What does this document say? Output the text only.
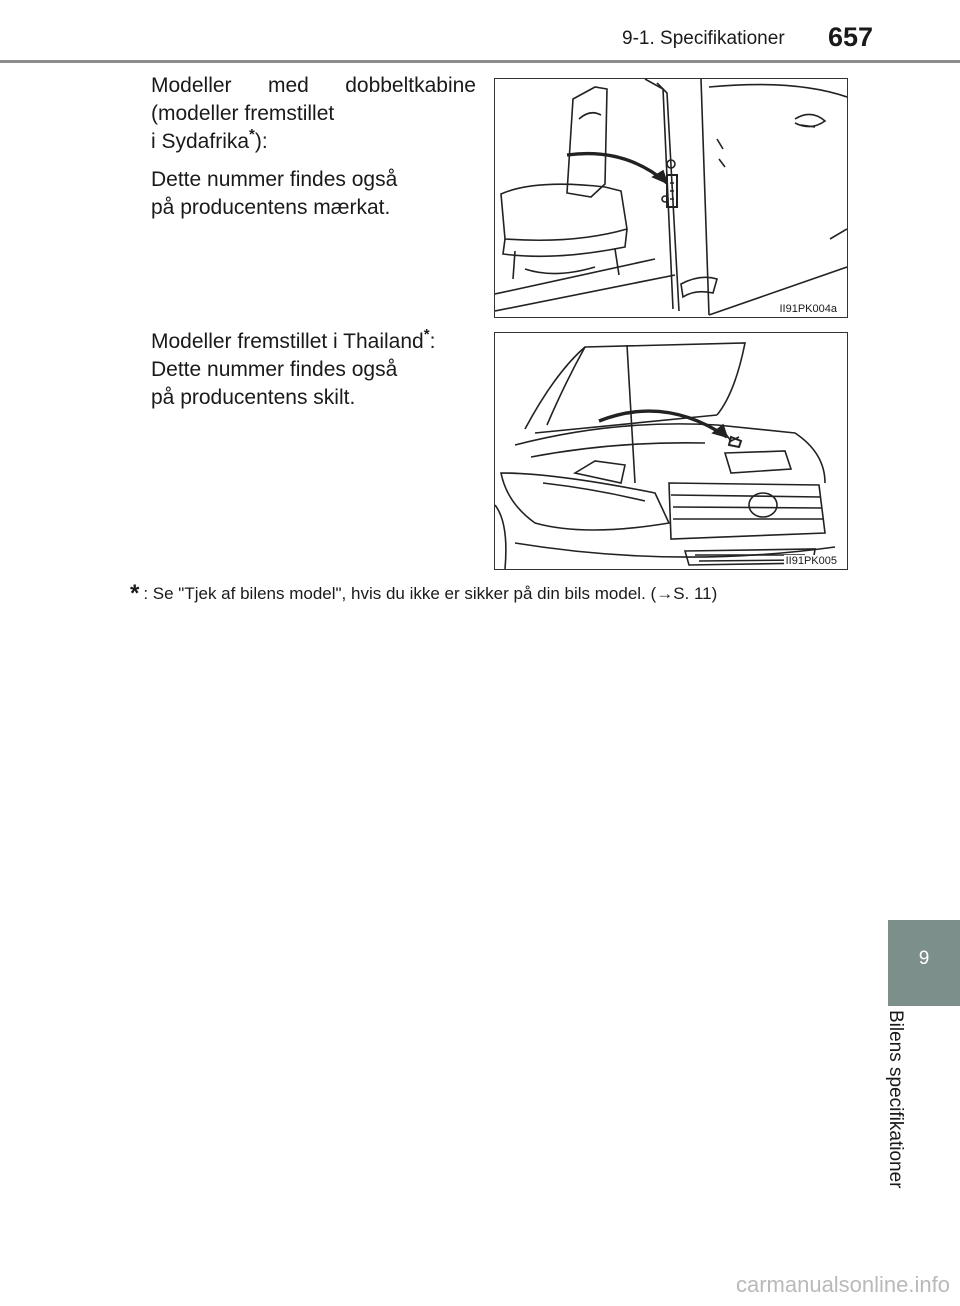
9-1. Specifikationer 657
Modeller med dobbeltkabine
(modeller fremstillet
i Sydafrika*):
Dette nummer findes også
på producentens mærkat.
II91PK004a
Modeller fremstillet i Thailand*:
Dette nummer findes også
på producentens skilt.
II91PK005
* : Se "Tjek af bilens model", hvis du ikke er sikker på din bils model. (→S. 11)
9
Bilens specifikationer
carmanualsonline.info
